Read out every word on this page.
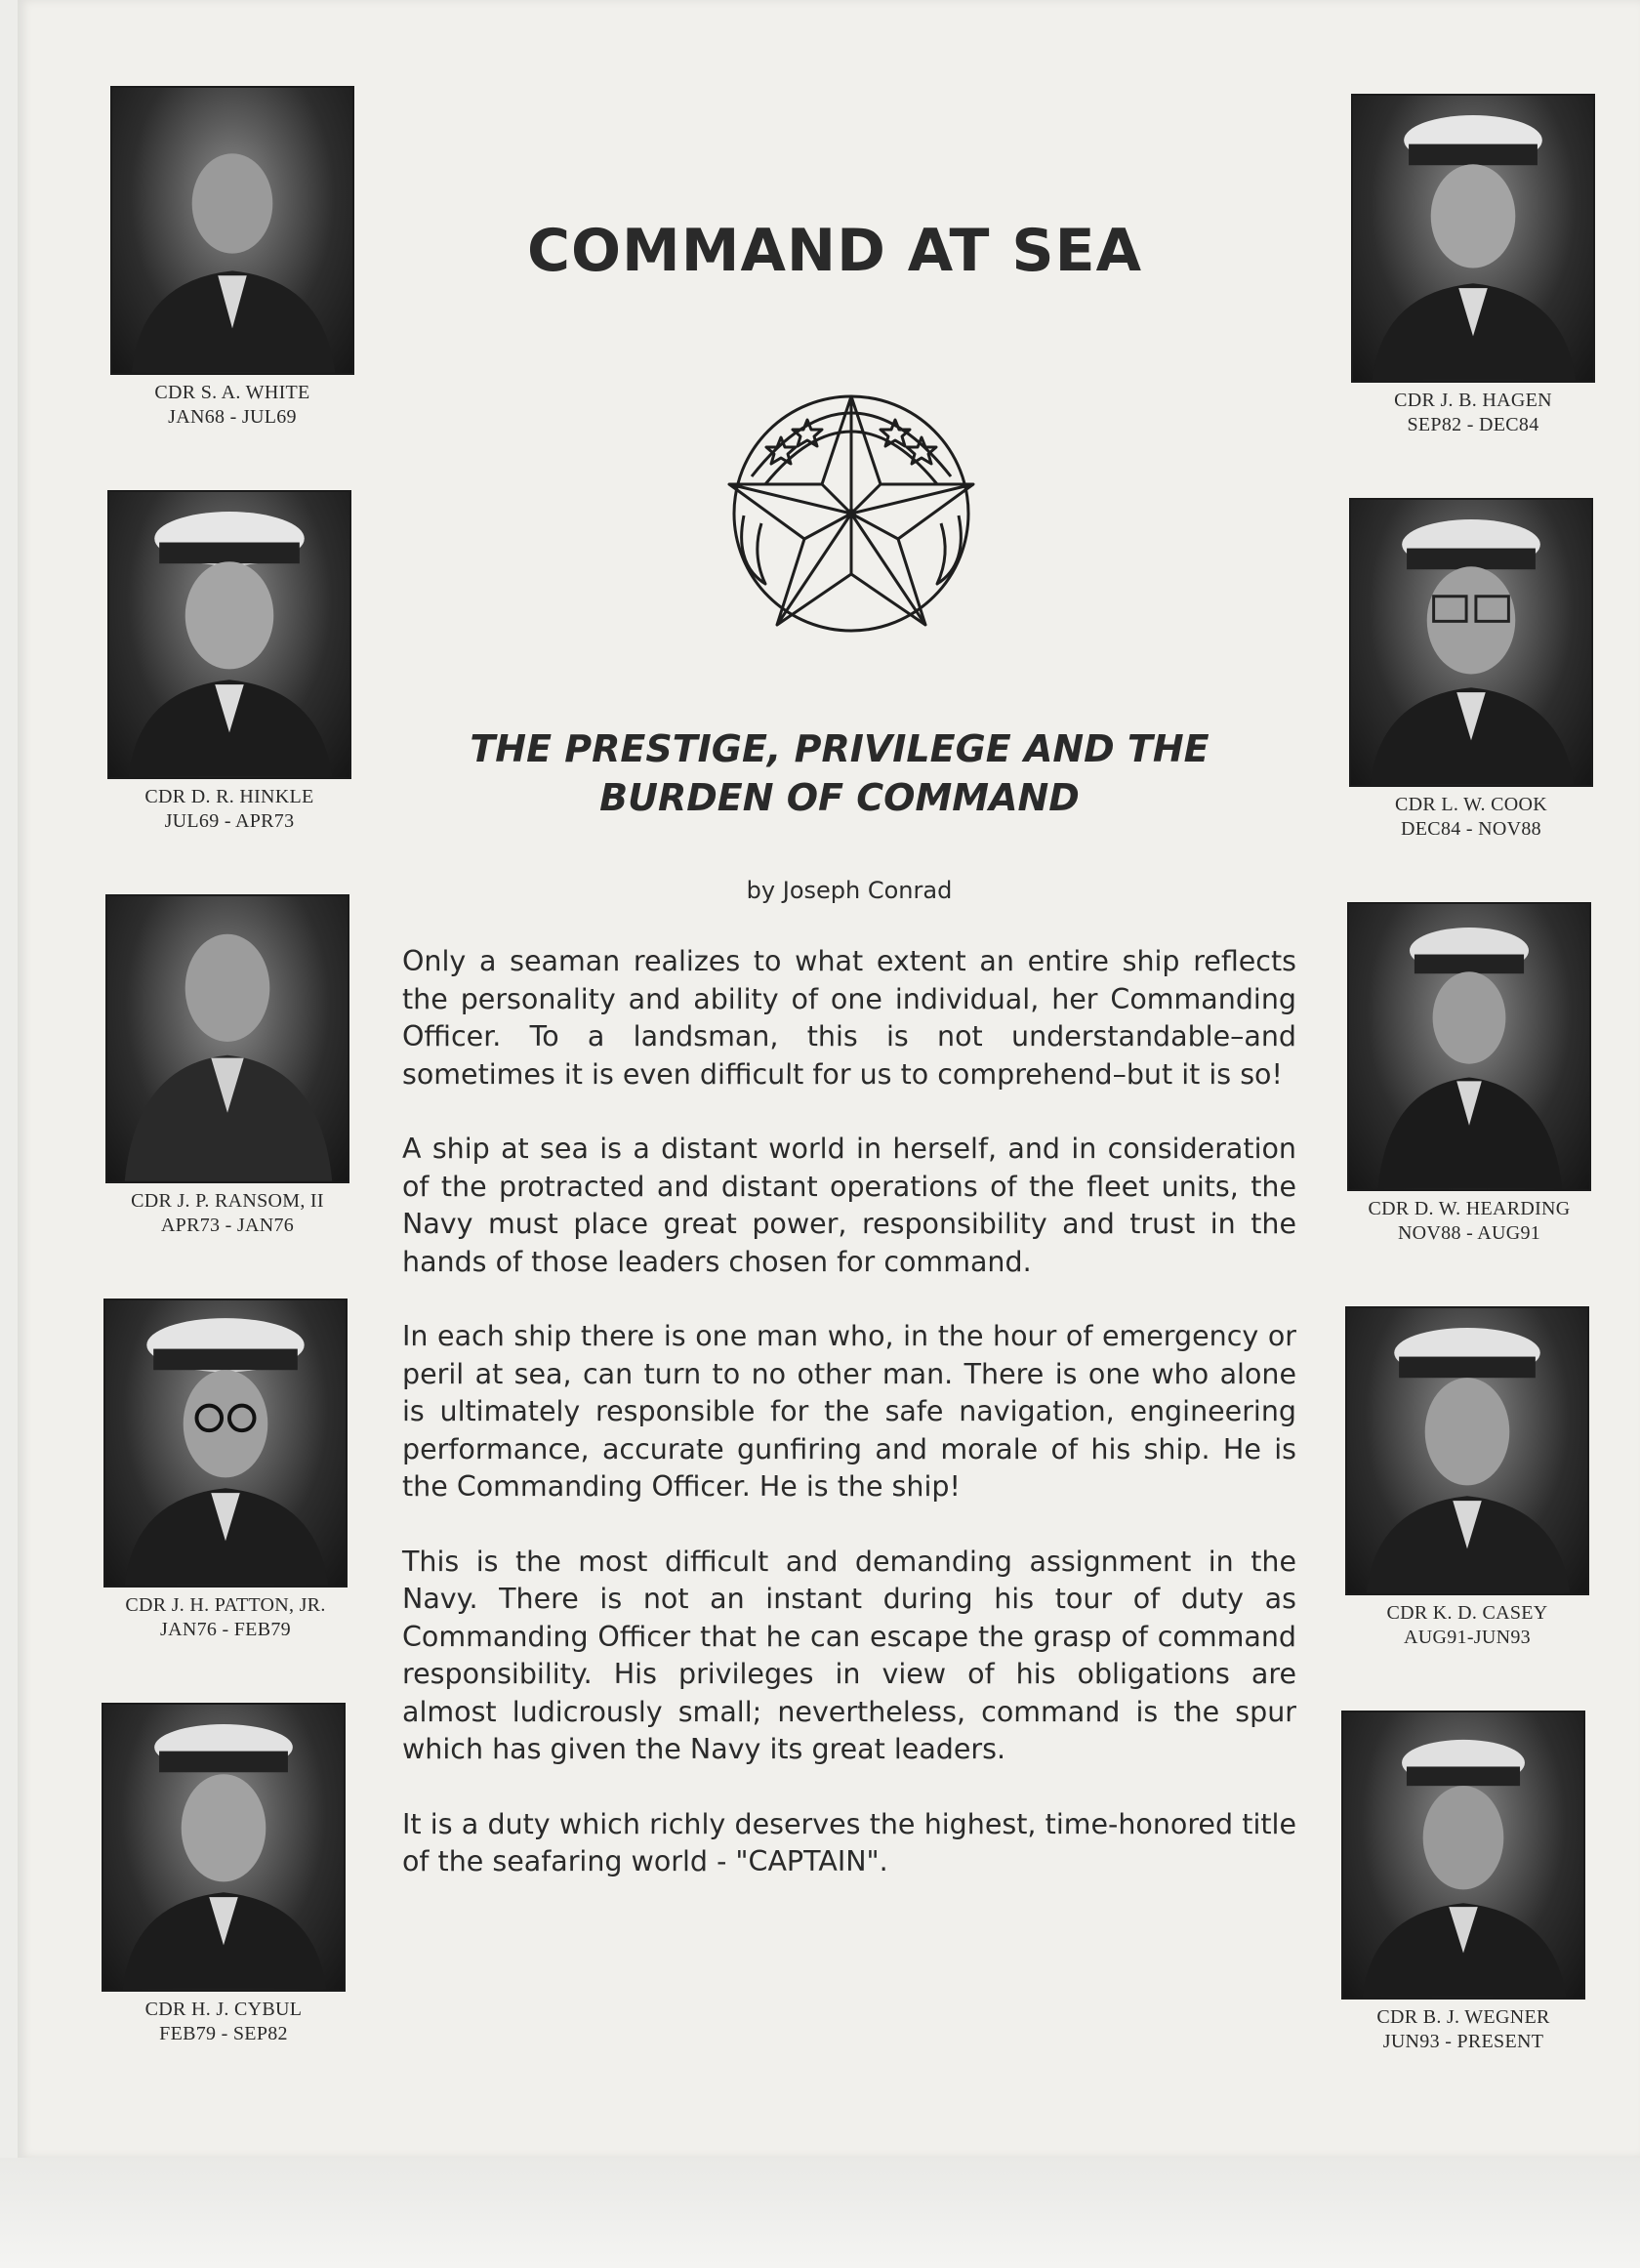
CDR S. A. WHITE
JAN68 - JUL69
CDR D. R. HINKLE
JUL69 - APR73
CDR J. P. RANSOM, II
APR73 - JAN76
CDR J. H. PATTON, JR.
JAN76 - FEB79
CDR H. J. CYBUL
FEB79 - SEP82
CDR J. B. HAGEN
SEP82 - DEC84
CDR L. W. COOK
DEC84 - NOV88
CDR D. W. HEARDING
NOV88 - AUG91
CDR K. D. CASEY
AUG91-JUN93
CDR B. J. WEGNER
JUN93 - PRESENT
COMMAND AT SEA
THE PRESTIGE, PRIVILEGE AND THE BURDEN OF COMMAND
by Joseph Conrad

Only a seaman realizes to what extent an entire ship reflects the personality and ability of one individual, her Commanding Officer. To a landsman, this is not understandable–and sometimes it is even difficult for us to comprehend–but it is so!

A ship at sea is a distant world in herself, and in consideration of the protracted and distant operations of the fleet units, the Navy must place great power, responsibility and trust in the hands of those leaders chosen for command.

In each ship there is one man who, in the hour of emergency or peril at sea, can turn to no other man. There is one who alone is ultimately responsible for the safe navigation, engineering performance, accurate gunfiring and morale of his ship. He is the Commanding Officer. He is the ship!

This is the most difficult and demanding assignment in the Navy. There is not an instant during his tour of duty as Commanding Officer that he can escape the grasp of command responsibility. His privileges in view of his obligations are almost ludicrously small; nevertheless, command is the spur which has given the Navy its great leaders.

It is a duty which richly deserves the highest, time-honored title of the seafaring world - "CAPTAIN".
